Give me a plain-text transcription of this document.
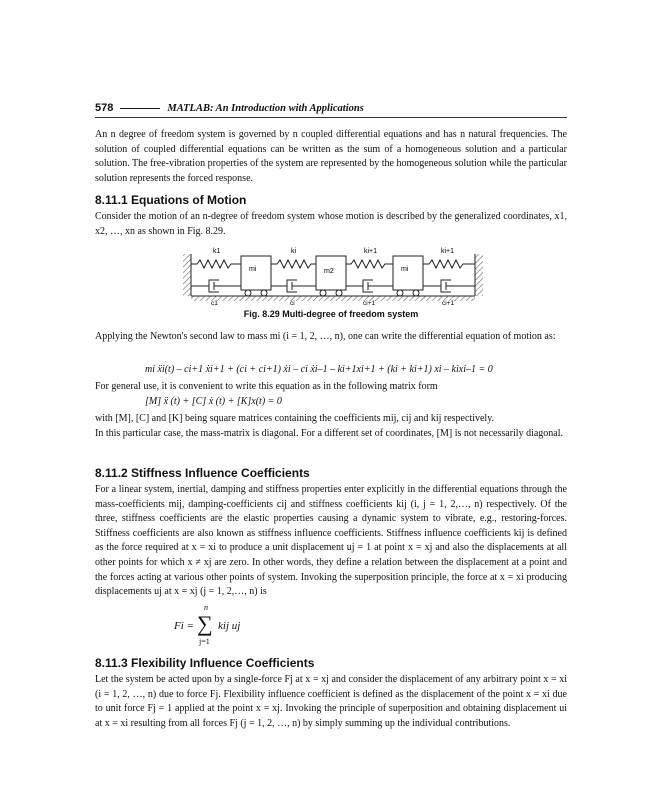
578	MATLAB: An Introduction with Applications

An n degree of freedom system is governed by n coupled differential equations and has n natural frequencies. The solution of coupled differential equations can be written as the sum of a homogeneous solution and a particular solution. The free-vibration properties of the system are represented by the homogeneous solution while the particular solution represents the forced response.

8.11.1 Equations of Motion

Consider the motion of an n-degree of freedom system whose motion is described by the generalized coordinates, x1, x2, …, xn as shown in Fig. 8.29.

mi	m2	mi
k1	ki	ki+1	ki+1
c1	ci	ci+1	ci+1
Fig. 8.29 Multi-degree of freedom system

Applying the Newton's second law to mass mi (i = 1, 2, …, n), one can write the differential equation of motion as:

mi ẍi(t) – ci+1 ẋi+1 + (ci + ci+1) ẋi – ci ẋi–1 – ki+1xi+1 + (ki + ki+1) xi – kixi–1 = 0

For general use, it is convenient to write this equation as in the following matrix form

[M] ẍ (t) + [C] ẋ (t) + [K]x(t) = 0

with [M], [C] and [K] being square matrices containing the coefficients mij, cij and kij respectively.

In this particular case, the mass-matrix is diagonal. For a different set of coordinates, [M] is not necessarily diagonal.

8.11.2 Stiffness Influence Coefficients

For a linear system, inertial, damping and stiffness properties enter explicitly in the differential equations through the mass-coefficients mij, damping-coefficients cij and stiffness coefficients kij (i, j = 1, 2,…, n) respectively. Of the three, stiffness coefficients are the elastic properties causing a dynamic system to vibrate, e.g., restoring-forces. Stiffness coefficients are also known as stiffness influence coefficients. Stiffness influence coefficients kij is defined as the force required at x = xi to produce a unit displacement uj = 1 at point x = xj and also the displacements at all other points for which x ≠ xj are zero. In other words, they define a relation between the displacement at a point and the forces acting at various other points of system. Invoking the superposition principle, the force at x = xi producing displacements uj at x = xj (j = 1, 2,…, n) is

Fi =
n
∑
j=1
kij uj
8.11.3 Flexibility Influence Coefficients

Let the system be acted upon by a single-force Fj at x = xj and consider the displacement of any arbitrary point x = xi (i = 1, 2, …, n) due to force Fj. Flexibility influence coefficient is defined as the displacement of the point x = xi due to unit force Fj = 1 applied at the point x = xj. Invoking the principle of superposition and obtaining displacement ui at x = xi resulting from all forces Fj (j = 1, 2, …, n) by simply summing up the individual contributions.
